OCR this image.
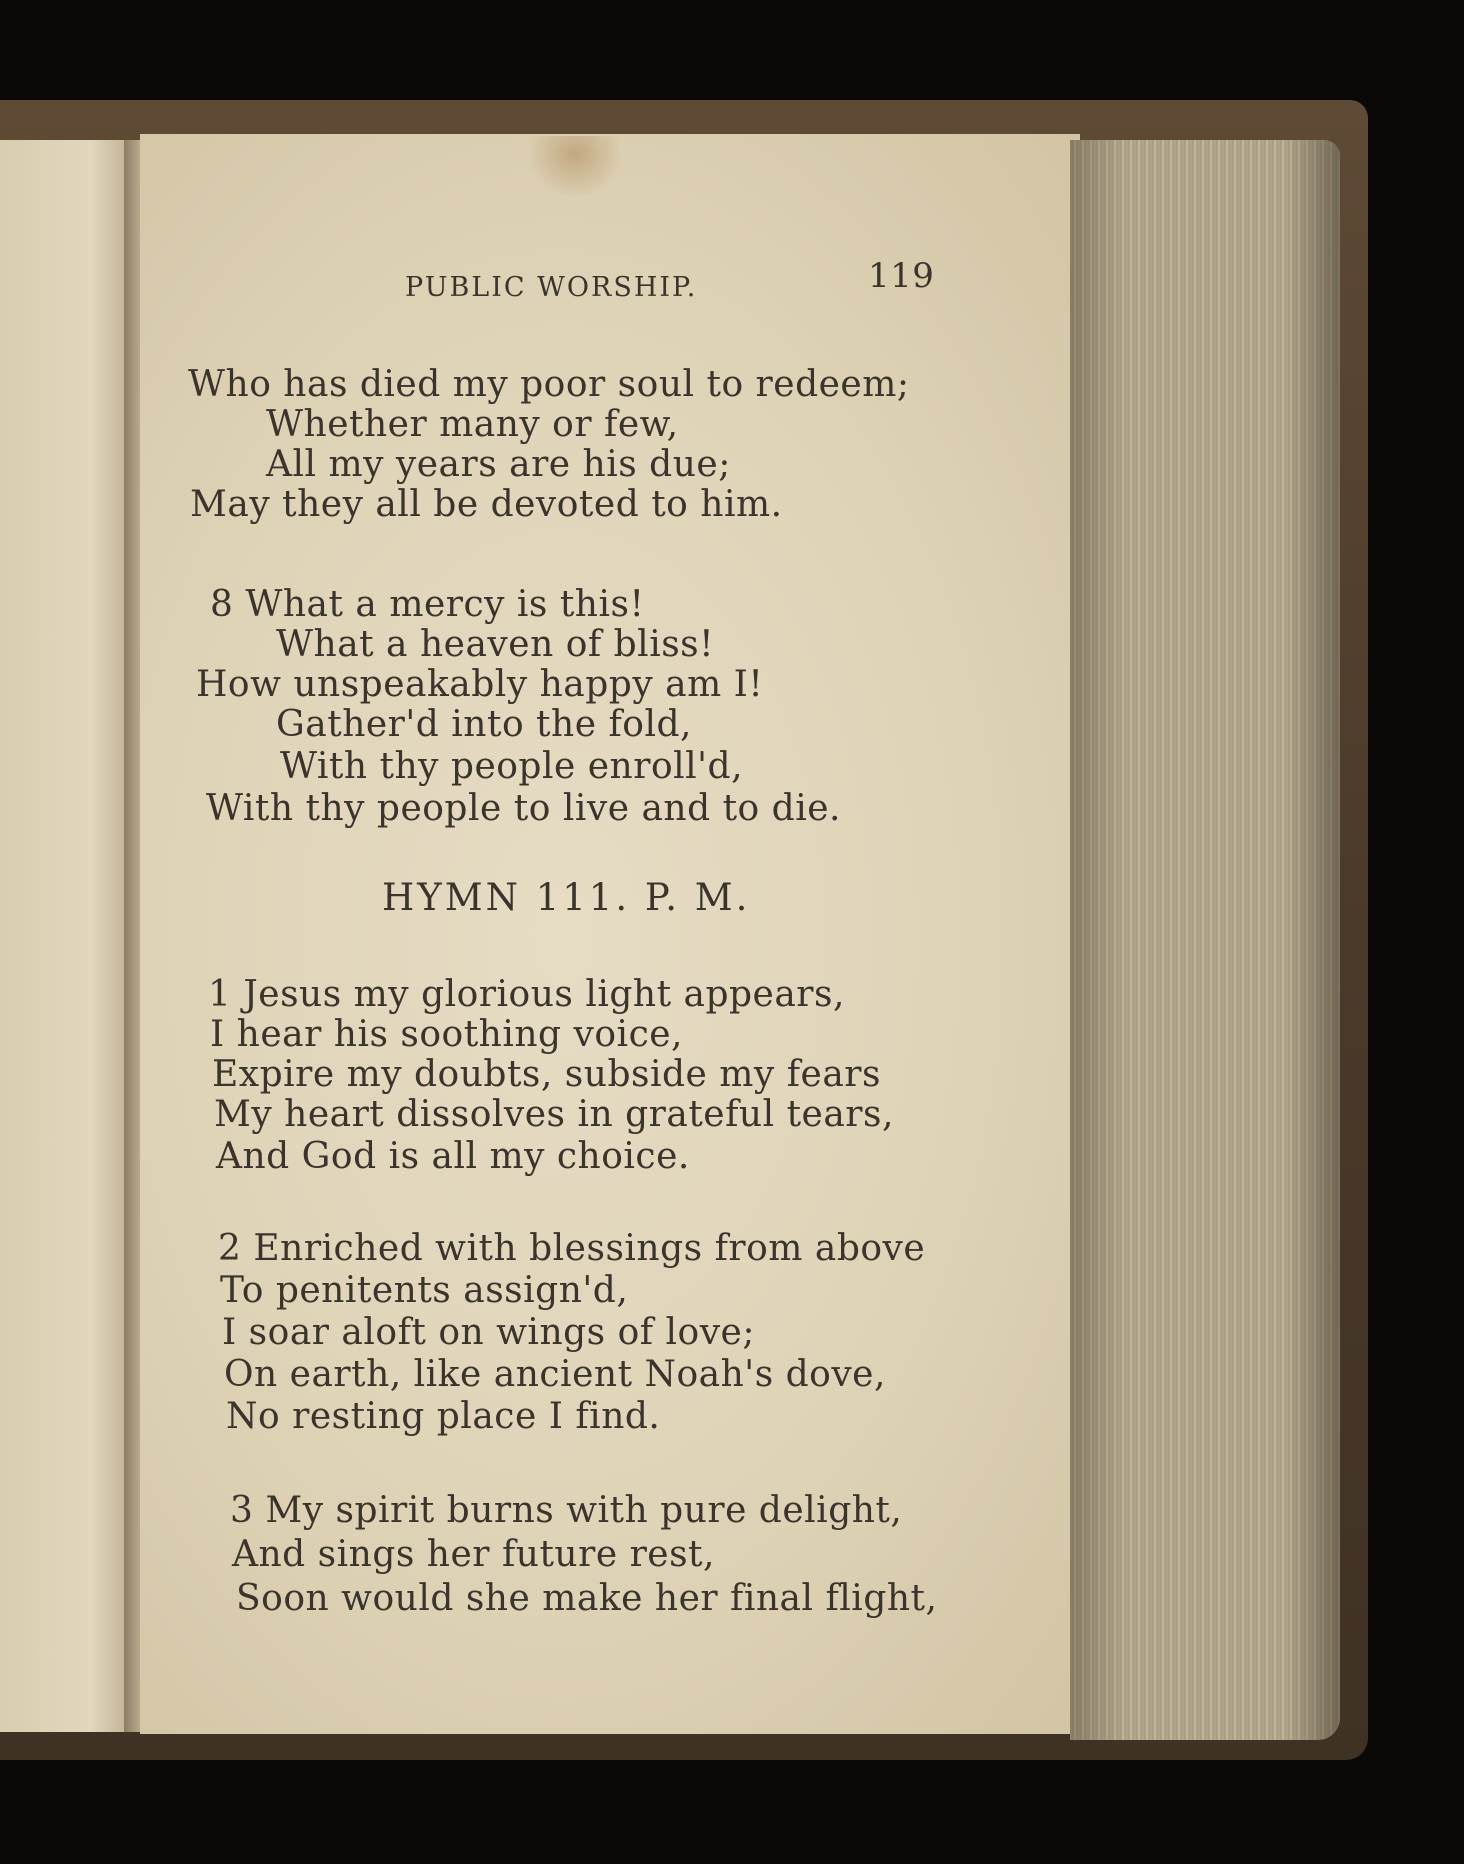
PUBLIC WORSHIP.	119
Who has died my poor soul to redeem;
Whether many or few,
All my years are his due;
May they all be devoted to him.
8 What a mercy is this!
What a heaven of bliss!
How unspeakably happy am I!
Gather'd into the fold,
With thy people enroll'd,
With thy people to live and to die.
HYMN 111. P. M.
1 Jesus my glorious light appears,
I hear his soothing voice,
Expire my doubts, subside my fears
My heart dissolves in grateful tears,
And God is all my choice.
2 Enriched with blessings from above
To penitents assign'd,
I soar aloft on wings of love;
On earth, like ancient Noah's dove,
No resting place I find.
3 My spirit burns with pure delight,
And sings her future rest,
Soon would she make her final flight,
